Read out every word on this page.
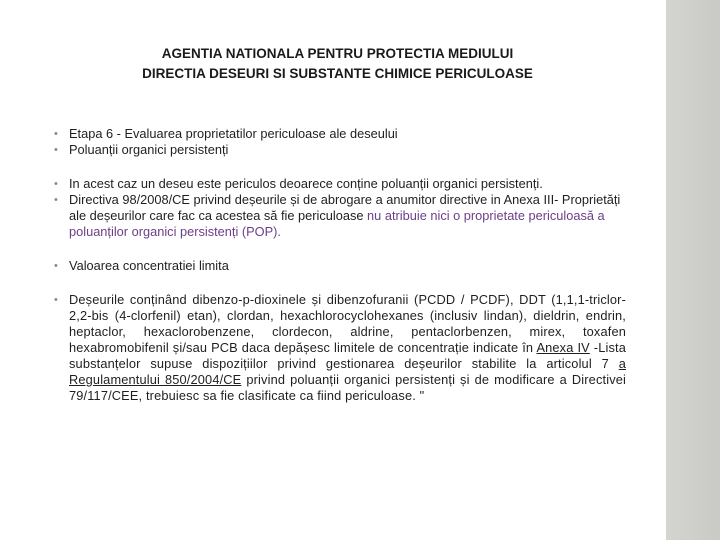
AGENTIA NATIONALA PENTRU PROTECTIA MEDIULUI
DIRECTIA DESEURI SI SUBSTANTE CHIMICE PERICULOASE
• Etapa 6 - Evaluarea proprietatilor periculoase ale deseului
• Poluanții organici persistenți
• In acest caz un deseu este periculos deoarece conține poluanții organici persistenți.
• Directiva 98/2008/CE privind deșeurile și de abrogare a anumitor directive in Anexa III- Proprietăți ale deșeurilor care fac ca acestea să fie periculoase nu atribuie nici o proprietate periculoasă a poluanților organici persistenți (POP).
• Valoarea concentratiei limita
• Deșeurile conținând dibenzo-p-dioxinele și dibenzofuranii (PCDD / PCDF), DDT (1,1,1-triclor-2,2-bis (4-clorfenil) etan), clordan, hexachlorocyclohexanes (inclusiv lindan), dieldrin, endrin, heptaclor, hexaclorobenzene, clordecon, aldrine, pentaclorbenzen, mirex, toxafen hexabromobifenil și/sau PCB daca depășesc limitele de concentrație indicate în Anexa IV -Lista substanțelor supuse dispozițiilor privind gestionarea deșeurilor stabilite la articolul 7 a Regulamentului 850/2004/CE privind poluanții organici persistenți și de modificare a Directivei 79/117/CEE, trebuiesc sa fie clasificate ca fiind periculoase. "
